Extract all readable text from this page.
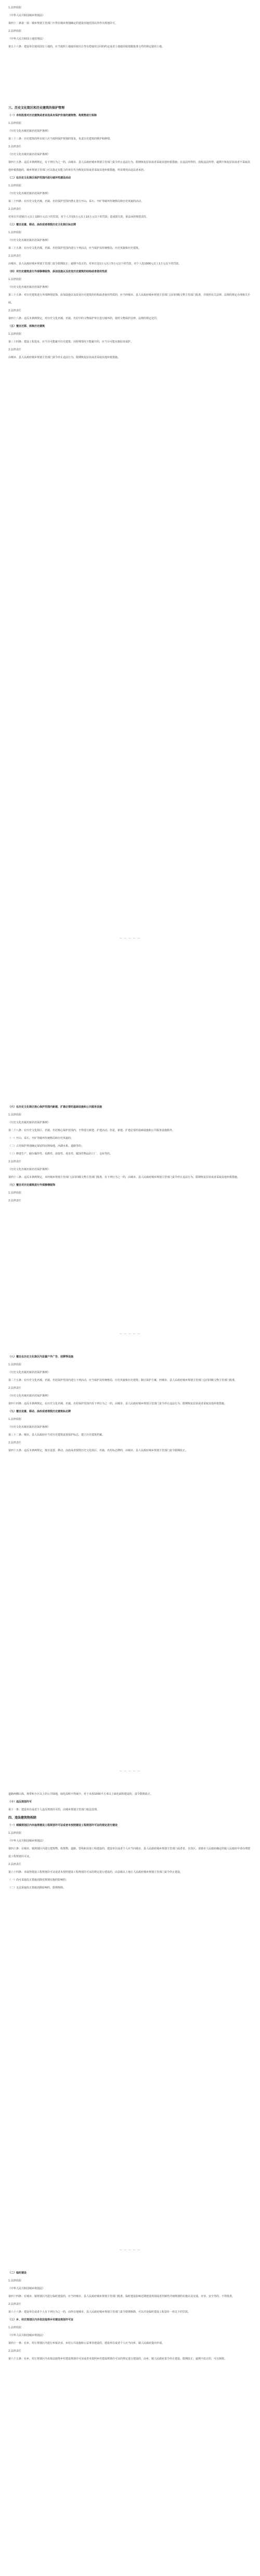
1.法律依据

《中华人民共和国城乡规划法》

第四十二条第一款：城乡规划主管部门不得在城乡规划确定的建设用地范围以外作出规划许可。

2.法律依据

《中华人民共和国土地管理法》

第五十六条：建设单位使用国有土地的，应当按照土地使用权出让等有偿使用合同的约定或者土地使用权划拨批准文件的规定使用土地。

三、历史文化街区和历史建筑的保护管理

（一）未经批准对历史建筑或者其他具有保护价值的建筑物、构筑物进行拆除

1.法律依据

《历史文化名城名镇名村保护条例》

第三十三条：历史建筑的所有权人应当按照保护规划的要求，负责历史建筑的维护和修缮。

2.法律责任

《历史文化名城名镇名村保护条例》

第四十五条：违反本条例规定，有下列行为之一的，由城市、县人民政府城乡规划主管部门责令停止违法行为、限期恢复原状或者采取其他补救措施；有违法所得的，没收违法所得；逾期不恢复原状或者不采取其他补救措施的，城乡规划主管部门可以指定有能力的单位代为恢复原状或者采取其他补救措施，所需费用由违法者承担。

（二）在历史文化街区保护范围内进行破坏性建设活动

1.法律依据

《历史文化名城名镇名村保护条例》

第二十四条：在历史文化名城、名镇、名村保护范围内禁止进行开山、采石、开矿等破坏传统格局和历史风貌的活动。

2.法律责任

对单位并处50万元以上100万元以下的罚款，对个人并处5万元以上10万元以下的罚款；造成损失的，依法承担赔偿责任。

（三）擅自设置、移动、涂改或者损毁历史文化街区标志牌

1.法律依据

《历史文化名城名镇名村保护条例》

第二十五条：在历史文化名城、名镇、名村保护范围内进行下列活动，应当保护其传统格局、历史风貌和历史建筑。

2.法律责任

由城市、县人民政府城乡规划主管部门责令限期改正；逾期不改正的，对单位处1万元以上5万元以下的罚款，对个人处1000元以上1万元以下的罚款。

（四）对历史建筑进行外部修缮装饰、添加设施以及改变历史建筑的结构或者使用性质

1.法律依据

《历史文化名城名镇名村保护条例》

第三十五条：对历史建筑进行外部修缮装饰、添加设施以及改变历史建筑的结构或者使用性质的，应当经城市、县人民政府城乡规划主管部门会同同级文物主管部门批准，并依照有关法律、法规的规定办理相关手续。

2.法律责任

第四十六条：违反本条例规定，对历史文化名城、名镇、名村中的文物保护单位进行破坏的，依照文物保护法律、法规的规定处罚。

（五）擅自迁移、拆除历史建筑

1.法律依据

第三十四条：建设工程选址，应当尽可能避开历史建筑；因特殊情况不能避开的，应当尽可能实施原址保护。

2.法律责任

由城市、县人民政府城乡规划主管部门责令停止违法行为、限期恢复原状或者采取其他补救措施。

— — — — —

（六）在历史文化街区核心保护范围内新建、扩建必要的基础设施和公共服务设施

1.法律依据

《历史文化名城名镇名村保护条例》

第二十八条：在历史文化街区、名镇、名村核心保护范围内，不得进行新建、扩建活动。但是，新建、扩建必要的基础设施和公共服务设施除外。

（一）开山、采石、开矿等破坏传统格局和历史风貌的；

（二）占用保护规划确定保留的园林绿地、河湖水系、道路等的；

（三）修建生产、储存爆炸性、易燃性、放射性、毒害性、腐蚀性物品的工厂、仓库等的。

2.法律责任

《历史文化名城名镇名村保护条例》

第四十三条：违反本条例规定，未经城乡规划主管部门会同同级文物主管部门批准，有下列行为之一的，由城市、县人民政府城乡规划主管部门责令停止违法行为、限期恢复原状或者采取其他补救措施。

（七）擅自对历史建筑进行外部修缮装饰

1.法律依据

2.法律责任

— — — — —

（八）擅自在历史文化街区内设置户外广告、招牌等设施

1.法律依据

《历史文化名城名镇名村保护条例》

第二十五条：在历史文化名城、名镇、名村保护范围内进行下列活动，应当保护其传统格局、历史风貌和历史建筑；制订保护方案，经城市、县人民政府城乡规划主管部门会同同级文物主管部门批准。

2.法律责任

《历史文化名城名镇名村保护条例》

第四十四条：违反本条例规定，在历史文化名城、名镇、名村保护范围内有下列行为之一的，由城市、县人民政府城乡规划主管部门责令停止违法行为、限期恢复原状或者采取其他补救措施。

（九）擅自设置、移动、涂改或者损毁历史建筑标志牌

1.法律依据

《历史文化名城名镇名村保护条例》

第三十二条：城市、县人民政府应当对历史建筑设置保护标志，建立历史建筑档案。

2.法律责任

第四十五条：违反本条例规定，擅自设置、移动、涂改或者损毁历史文化街区、名镇、名村标志牌的，由城市、县人民政府城乡规划主管部门责令限期改正。

— — — — —

道路两侧山体、林带和小区以上的公共绿地，绿化面积不得减少，对于未按1000平方米以上绿化面积建设的，责令限期改正。

（十）违反规划许可

第十一条：建设单位或者个人违反规划许可的，由城乡规划主管部门依法处理。

四、违法建筑物拆除

（一）城镇规划区内未取得建设工程规划许可证或者未按照建设工程规划许可证的规定进行建设

1.法律依据

《中华人民共和国城乡规划法》

第四十条：在城市、镇规划区内进行建筑物、构筑物、道路、管线和其他工程建设的，建设单位或者个人应当向城市、县人民政府城乡规划主管部门或者省、自治区、直辖市人民政府确定的镇人民政府申请办理建设工程规划许可证。

2.法律责任

第六十四条：未取得建设工程规划许可证或者未按照建设工程规划许可证的规定进行建设的，由县级以上地方人民政府城乡规划主管部门责令停止建设。

（一）尚可采取改正措施消除对规划实施的影响的；

（二）无法采取改正措施消除影响的，限期拆除。

— — — — —

（二）临时建设

1.法律依据

《中华人民共和国城乡规划法》

第四十四条：在城市、镇规划区内进行临时建设的，应当经城市、县人民政府城乡规划主管部门批准。临时建设影响近期建设规划或者控制性详细规划的实施以及交通、市容、安全等的，不得批准。

2.法律责任

第六十六条：建设单位或者个人有下列行为之一的，由所在地城市、县人民政府城乡规划主管部门责令限期拆除，可以并处临时建设工程造价一倍以下的罚款。

（三）乡、村庄规划区内未依法取得乡村建设规划许可证

1.法律依据

《中华人民共和国城乡规划法》

第四十一条：在乡、村庄规划区内进行乡镇企业、乡村公共设施和公益事业建设的，建设单位或者个人应当向乡、镇人民政府提出申请。

2.法律责任

第六十五条：在乡、村庄规划区内未依法取得乡村建设规划许可证或者未按照乡村建设规划许可证的规定进行建设的，由乡、镇人民政府责令停止建设、限期改正；逾期不改正的，可以拆除。
